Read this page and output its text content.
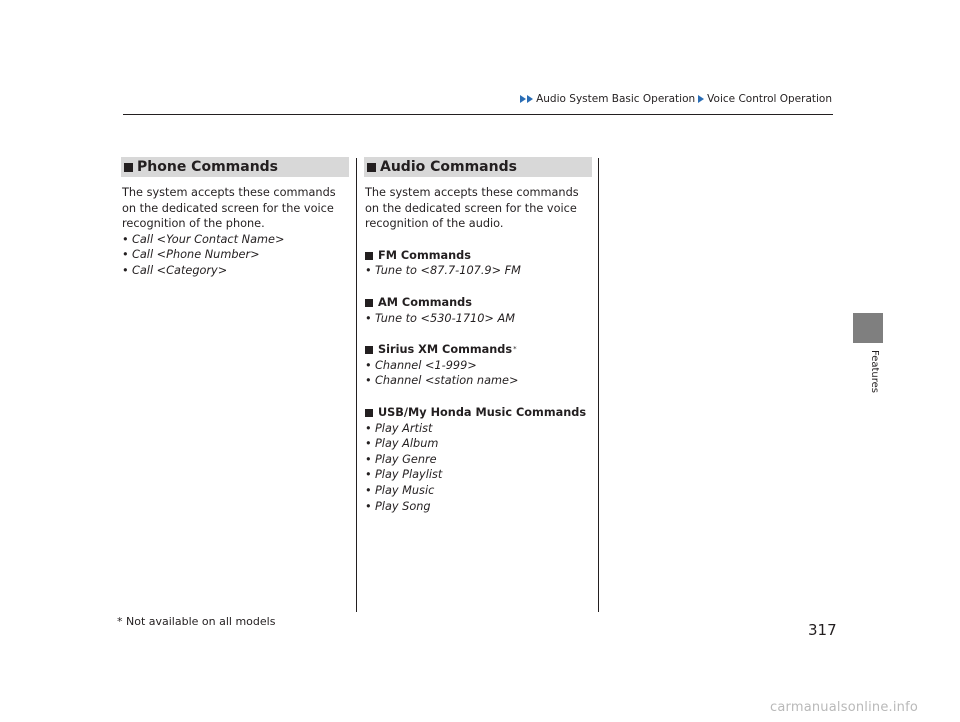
Audio System Basic Operation Voice Control Operation
Features
Phone Commands
The system accepts these commands on the dedicated screen for the voice recognition of the phone.
• Call <Your Contact Name>
• Call <Phone Number>
• Call <Category>
Audio Commands
The system accepts these commands on the dedicated screen for the voice recognition of the audio.
FM Commands
• Tune to <87.7-107.9> FM
AM Commands
• Tune to <530-1710> AM
Sirius XM Commands *
• Channel <1-999>
• Channel <station name>
USB/My Honda Music Commands
• Play Artist
• Play Album
• Play Genre
• Play Playlist
• Play Music
• Play Song
* Not available on all models	317
carmanualsonline.info
